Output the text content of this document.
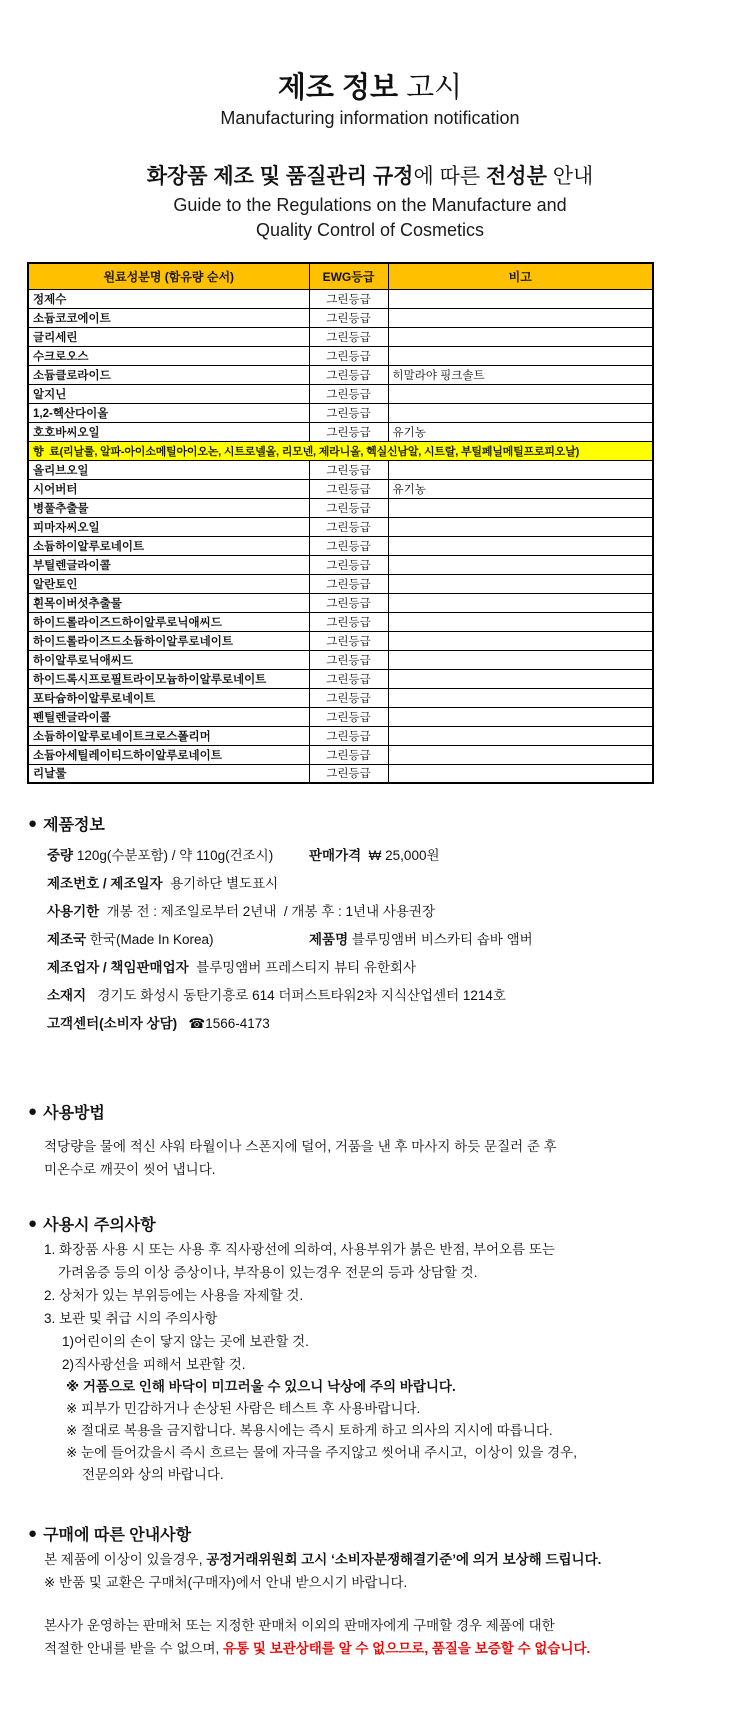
제조 정보 고시
Manufacturing information notification
화장품 제조 및 품질관리 규정에 따른 전성분 안내
Guide to the Regulations on the Manufacture and
Quality Control of Cosmetics
원료성분명 (함유량 순서)	EWG등급	비고
정제수	그린등급	
소듐코코에이트	그린등급	
글리세린	그린등급	
수크로오스	그린등급	
소듐클로라이드	그린등급	히말라야 핑크솔트
알지닌	그린등급	
1,2-헥산다이올	그린등급	
호호바씨오일	그린등급	유기농
향  료(리날룰, 알파-아이소메틸아이오논, 시트로넬올, 리모넨, 제라니올, 헥실신남알, 시트랄, 부틸페닐메틸프로피오날)		
올리브오일	그린등급	
시어버터	그린등급	유기농
병풀추출물	그린등급	
피마자씨오일	그린등급	
소듐하이알루로네이트	그린등급	
부틸렌글라이콜	그린등급	
알란토인	그린등급	
흰목이버섯추출물	그린등급	
하이드롤라이즈드하이알루로닉애씨드	그린등급	
하이드롤라이즈드소듐하이알루로네이트	그린등급	
하이알루로닉애씨드	그린등급	
하이드록시프로필트라이모늄하이알루로네이트	그린등급	
포타슘하이알루로네이트	그린등급	
펜틸렌글라이콜	그린등급	
소듐하이알루로네이트크로스폴리머	그린등급	
소듐아세틸레이티드하이알루로네이트	그린등급	
리날룰	그린등급	
● 제품정보
중량 120g(수분포함) / 약 110g(건조시)	판매가격  ₩ 25,000원
제조번호 / 제조일자  용기하단 별도표시
사용기한  개봉 전 : 제조일로부터 2년내  / 개봉 후 : 1년내 사용권장
제조국 한국(Made In Korea)	제품명 블루밍앰버 비스카티 솝바 앰버
제조업자 / 책임판매업자  블루밍앰버 프레스티지 뷰티 유한회사
소재지   경기도 화성시 동탄기흥로 614 더퍼스트타워2차 지식산업센터 1214호
고객센터(소비자 상담)   ☎1566-4173
● 사용방법
적당량을 물에 적신 샤워 타월이나 스폰지에 덜어, 거품을 낸 후 마사지 하듯 문질러 준 후
미온수로 깨끗이 씻어 냅니다.
● 사용시 주의사항
1. 화장품 사용 시 또는 사용 후 직사광선에 의하여, 사용부위가 붉은 반점, 부어오름 또는
가려움증 등의 이상 증상이나, 부작용이 있는경우 전문의 등과 상담할 것.
2. 상처가 있는 부위등에는 사용을 자제할 것.
3. 보관 및 취급 시의 주의사항
1)어린이의 손이 닿지 않는 곳에 보관할 것.
2)직사광선을 피해서 보관할 것.
※ 거품으로 인해 바닥이 미끄러울 수 있으니 낙상에 주의 바랍니다.
※ 피부가 민감하거나 손상된 사람은 테스트 후 사용바랍니다.
※ 절대로 복용을 금지합니다. 복용시에는 즉시 토하게 하고 의사의 지시에 따릅니다.
※ 눈에 들어갔을시 즉시 흐르는 물에 자극을 주지않고 씻어내 주시고,  이상이 있을 경우,
전문의와 상의 바랍니다.
● 구매에 따른 안내사항
본 제품에 이상이 있을경우, 공정거래위원회 고시 ‘소비자분쟁해결기준’에 의거 보상해 드립니다.
※ 반품 및 교환은 구매처(구매자)에서 안내 받으시기 바랍니다.
본사가 운영하는 판매처 또는 지정한 판매처 이외의 판매자에게 구매할 경우 제품에 대한
적절한 안내를 받을 수 없으며, 유통 및 보관상태를 알 수 없으므로, 품질을 보증할 수 없습니다.
